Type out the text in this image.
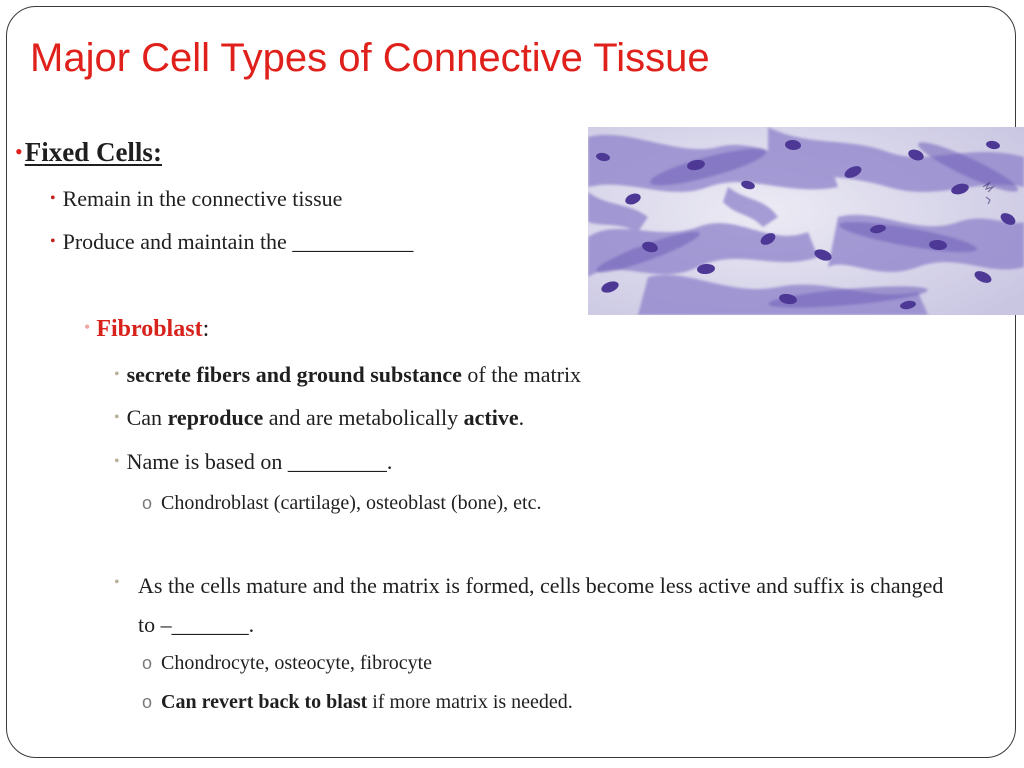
Major Cell Types of Connective Tissue
•Fixed Cells:
• Remain in the connective tissue
• Produce and maintain the ___________
• Fibroblast:
• secrete fibers and ground substance of the matrix
• Can reproduce and are metabolically active.
• Name is based on _________.
o Chondroblast (cartilage), osteoblast (bone), etc.
• As the cells mature and the matrix is formed, cells become less active and suffix is changed to –_______.
o Chondrocyte, osteocyte, fibrocyte
o Can revert back to blast if more matrix is needed.
